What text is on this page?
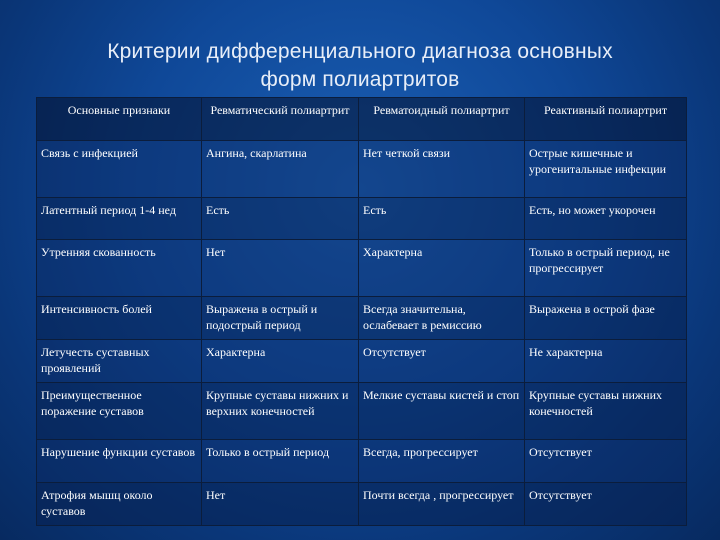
Критерии дифференциального диагноза основных
форм полиартритов
Основные признаки	Ревматический полиартрит	Ревматоидный полиартрит	Реактивный полиартрит
Связь с инфекцией	Ангина, скарлатина	Нет четкой связи	Острые кишечные и урогенитальные инфекции
Латентный период 1-4 нед	Есть	Есть	Есть, но может укорочен
Утренняя скованность	Нет	Характерна	Только в острый период, не прогрессирует
Интенсивность болей	Выражена в острый и подострый период	Всегда значительна, ослабевает в ремиссию	Выражена в острой фазе
Летучесть суставных проявлений	Характерна	Отсутствует	Не характерна
Преимущественное поражение суставов	Крупные суставы нижних и верхних конечностей	Мелкие суставы кистей и стоп	Крупные суставы нижних конечностей
Нарушение функции суставов	Только в острый период	Всегда, прогрессирует	Отсутствует
Атрофия мышц около суставов	Нет	Почти всегда , прогрессирует	Отсутствует
